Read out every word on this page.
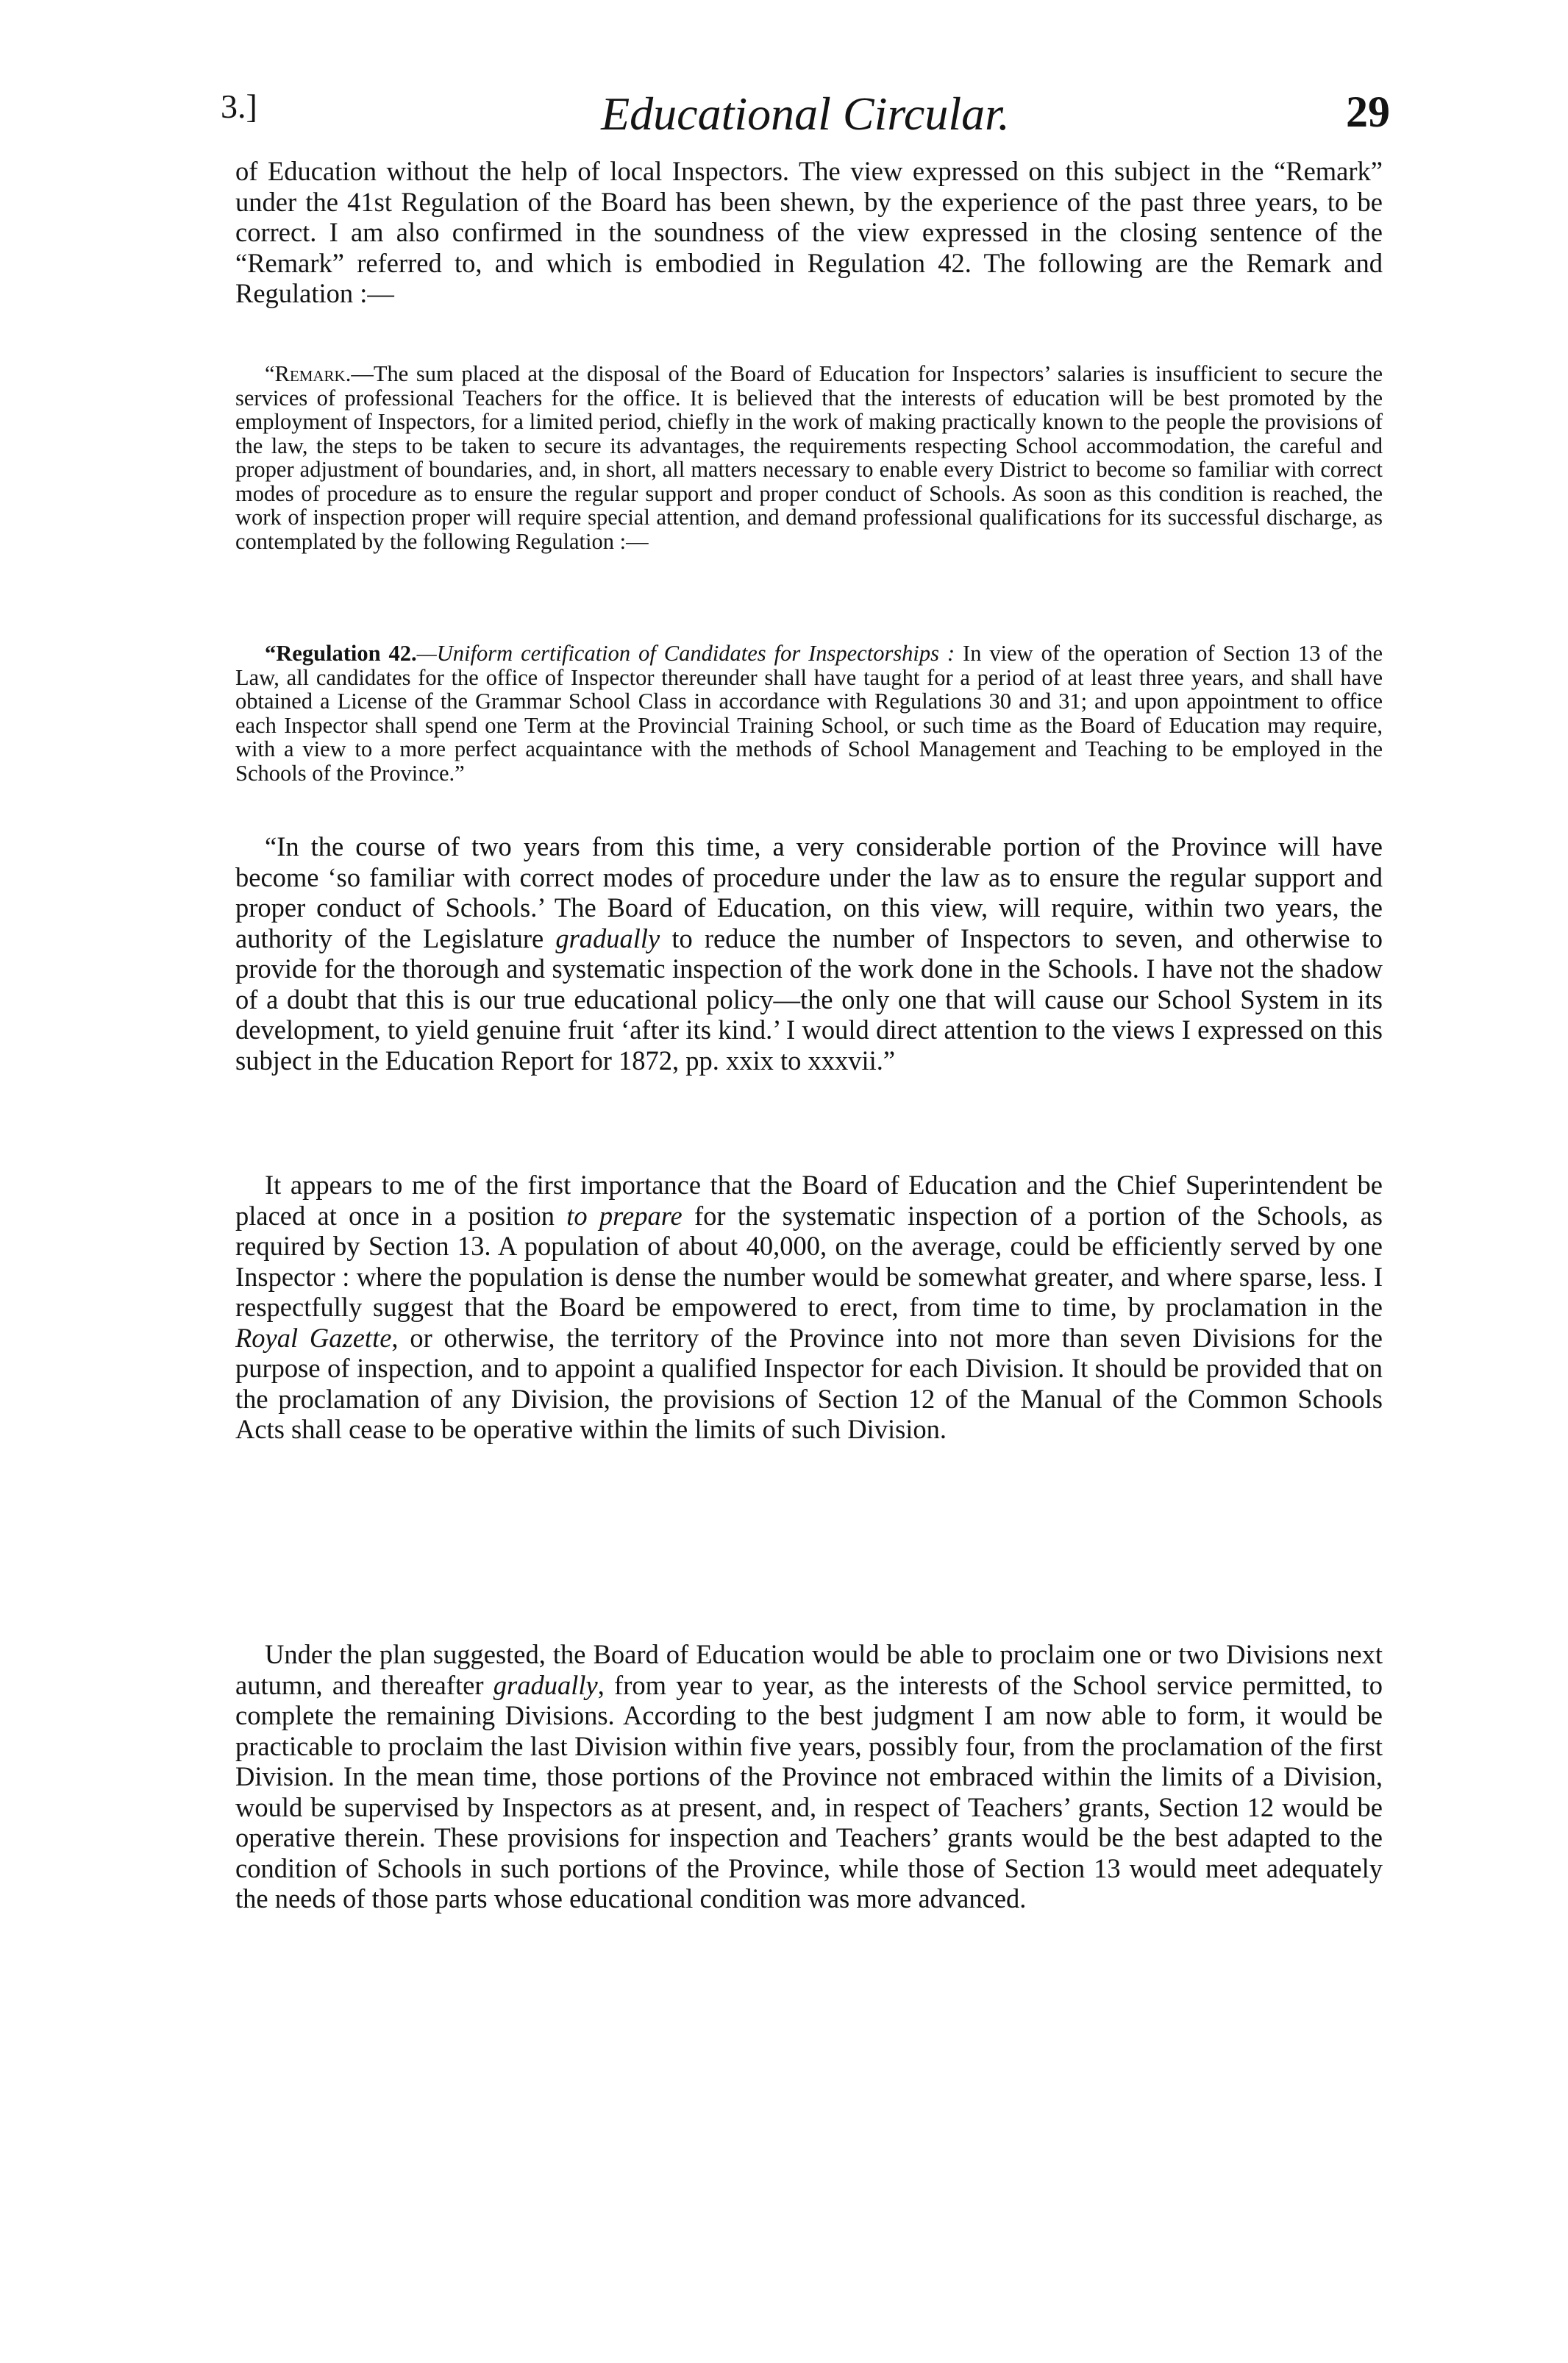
3.]	Educational Circular.	29

of Education without the help of local Inspectors. The view expressed on this subject in the “Remark” under the 41st Regulation of the Board has been shewn, by the experience of the past three years, to be correct. I am also confirmed in the soundness of the view expressed in the closing sentence of the “Remark” referred to, and which is embodied in Regulation 42. The following are the Remark and Regulation :—

“Remark.—The sum placed at the disposal of the Board of Education for Inspectors’ salaries is insufficient to secure the services of professional Teachers for the office. It is believed that the interests of education will be best promoted by the employment of Inspectors, for a limited period, chiefly in the work of making practically known to the people the provisions of the law, the steps to be taken to secure its advantages, the requirements respecting School accommodation, the careful and proper adjustment of boundaries, and, in short, all matters necessary to enable every District to become so familiar with correct modes of procedure as to ensure the regular support and proper conduct of Schools. As soon as this condition is reached, the work of inspection proper will require special attention, and demand professional qualifications for its successful discharge, as contemplated by the following Regulation :—

“Regulation 42.—Uniform certification of Candidates for Inspectorships : In view of the operation of Section 13 of the Law, all candidates for the office of Inspector thereunder shall have taught for a period of at least three years, and shall have obtained a License of the Grammar School Class in accordance with Regulations 30 and 31; and upon appointment to office each Inspector shall spend one Term at the Provincial Training School, or such time as the Board of Education may require, with a view to a more perfect acquaintance with the methods of School Management and Teaching to be employed in the Schools of the Province.”

“In the course of two years from this time, a very considerable portion of the Province will have become ‘so familiar with correct modes of procedure under the law as to ensure the regular support and proper conduct of Schools.’ The Board of Education, on this view, will require, within two years, the authority of the Legislature gradually to reduce the number of Inspectors to seven, and otherwise to provide for the thorough and systematic inspection of the work done in the Schools. I have not the shadow of a doubt that this is our true educational policy—the only one that will cause our School System in its development, to yield genuine fruit ‘after its kind.’ I would direct attention to the views I expressed on this subject in the Education Report for 1872, pp. xxix to xxxvii.”

It appears to me of the first importance that the Board of Education and the Chief Superintendent be placed at once in a position to prepare for the systematic inspection of a portion of the Schools, as required by Section 13. A population of about 40,000, on the average, could be efficiently served by one Inspector : where the population is dense the number would be somewhat greater, and where sparse, less. I respectfully suggest that the Board be empowered to erect, from time to time, by proclamation in the Royal Gazette, or otherwise, the territory of the Province into not more than seven Divisions for the purpose of inspection, and to appoint a qualified Inspector for each Division. It should be provided that on the proclamation of any Division, the provisions of Section 12 of the Manual of the Common Schools Acts shall cease to be operative within the limits of such Division.

Under the plan suggested, the Board of Education would be able to proclaim one or two Divisions next autumn, and thereafter gradually, from year to year, as the interests of the School service permitted, to complete the remaining Divisions. According to the best judgment I am now able to form, it would be practicable to proclaim the last Division within five years, possibly four, from the proclamation of the first Division. In the mean time, those portions of the Province not embraced within the limits of a Division, would be supervised by Inspectors as at present, and, in respect of Teachers’ grants, Section 12 would be operative therein. These provisions for inspection and Teachers’ grants would be the best adapted to the condition of Schools in such portions of the Province, while those of Section 13 would meet adequately the needs of those parts whose educational condition was more advanced.
